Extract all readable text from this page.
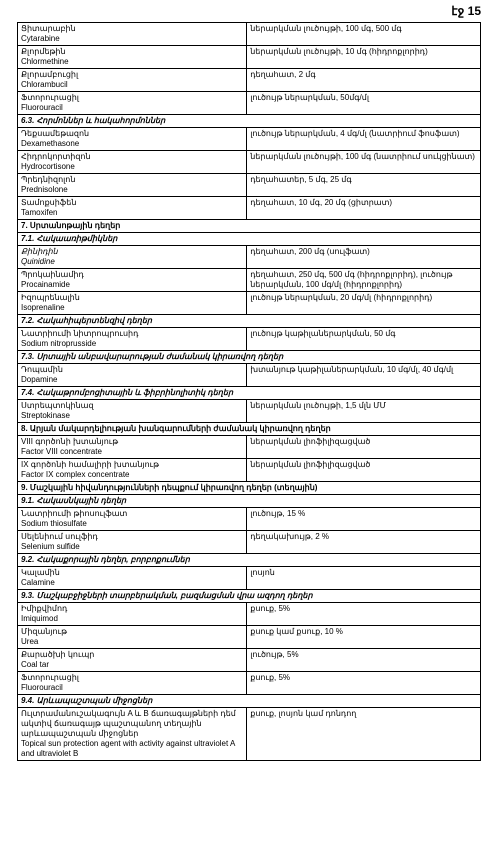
էջ 15
Ցիտարաբին
Cytarabine	ներարկման լուծույթի, 100 մգ, 500 մգ

Քլորմեթին
Chlormethine	ներարկման լուծույթի, 10 մգ (հիդրոքլորիդ)

Քլորամբուցիլ
Chlorambucil	դեղահատ, 2 մգ

Ֆտորուրացիլ
Fluorouracil	լուծույթ ներարկման, 50մգ/մլ
6.3. Հորմոններ և հակահորմոններ	

Դեքսամեթազոն
Dexamethasone	լուծույթ ներարկման, 4 մգ/մլ (նատրիում ֆոսֆատ)

Հիդրոկորտիզոն
Hydrocortisone	ներարկման լուծույթի, 100 մգ (նատրիում սուկցինատ)

Պրեդնիզոլոն
Prednisolone	դեղահատեր, 5 մգ, 25 մգ

Տամոքսիֆեն
Tamoxifen	դեղահատ, 10 մգ, 20 մգ (ցիտրատ)
7. Սրտանոթային դեղեր	
7.1. Հակաառիթմիկներ	

Քինիդին
Quinidine	դեղահատ, 200 մգ (սուլֆատ)

Պրոկաինամիդ
Procainamide	դեղահատ, 250 մգ, 500 մգ (հիդրոքլորիդ), լուծույթ ներարկման, 100 մգ/մլ (հիդրոքլորիդ)

Իզոպրենալին
Isoprenaline	լուծույթ ներարկման, 20 մգ/մլ (հիդրոքլորիդ)
7.2. Հակահիպերտենզիվ դեղեր	

Նատրիումի նիտրոպրուսիդ
Sodium nitroprusside	լուծույթ կաթիլաներարկման, 50 մգ
7.3. Սրտային անբավարարության ժամանակ կիրառվող դեղեր	

Դոպամին
Dopamine	խտանյութ կաթիլաներարկման, 10 մգ/մլ, 40 մգ/մլ
7.4. Հակաթրոմբոցիտային և ֆիբրինոլիտիկ դեղեր	

Ստրեպտոկինազ
Streptokinase	ներարկման լուծույթի, 1,5 մլն ՄՄ
8. Արյան մակարդելիության խանգարումների ժամանակ կիրառվող դեղեր	

VIII գործոնի խտանյութ
Factor VIII concentrate	ներարկման լիոֆիլիզացված

IX գործոնի համալիրի խտանյութ
Factor IX complex concentrate	ներարկման լիոֆիլիզացված
9. Մաշկային հիվանդությունների դեպքում կիրառվող դեղեր (տեղային)	
9.1. Հակասնկային դեղեր	

Նատրիումի թիոսուլֆատ
Sodium thiosulfate	լուծույթ, 15 %

Սելենիում սուլֆիդ
Selenium sulfide	դեղակախույթ, 2 %
9.2. Հակաքորային դեղեր, բորբոքումներ	

Կալամին
Calamine	լոսյոն
9.3. Մաշկաբջիջների տարբերակման, բազմացման վրա ազդող դեղեր	

Իմիքվիմոդ
Imiquimod	քսուք, 5%

Միզանյութ
Urea	քսուք կամ քսուք, 10 %

Քարածխի կուպր
Coal tar	լուծույթ, 5%

Ֆտորուրացիլ
Fluorouracil	քսուք, 5%
9.4. Արևապաշտպան միջոցներ	

Ուլտրամանուշակագույն A և B ճառագայթների դեմ ակտիվ ճառագայթ պաշտպանող տեղային արևապաշտպան միջոցներ
Topical sun protection agent with activity against ultraviolet A and ultraviolet B	քսուք, լոսյոն կամ դոնդող
